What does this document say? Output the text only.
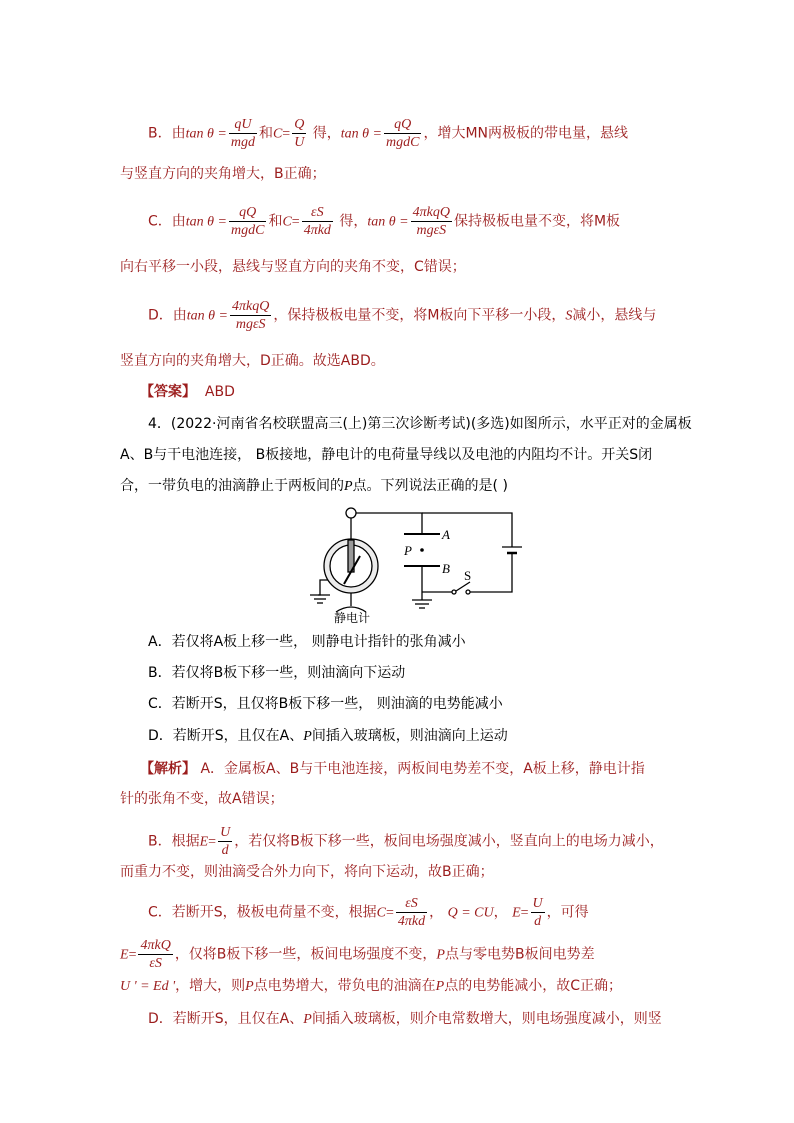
B．由$\tan \theta = \frac{qU}{\text{mgd}}$ 和$C= \frac{Q}{U}$ 得，$\tan \theta = \frac{qQ}{\text{mgdC}}$ ，增大MN两极板的带电量，悬线
与竖直方向的夹角增大，B正确；
C．由$\tan \theta = \frac{qQ}{\text{mgdC}}$ 和$C= \frac{\varepsilon S}{\text{4πkd}}$ 得，$\tan \theta = \frac{\text{4πkqQ}}{\text{mgεS}}$ 保持极板电量不变，将M板
向右平移一小段，悬线与竖直方向的夹角不变，C错误；
D．由$\tan \theta = \frac{\text{4πkqQ}}{\text{mgεS}}$ ，保持极板电量不变，将M板向下平移一小段，S减小，悬线与
竖直方向的夹角增大，D正确。故选ABD。
【答案】 ABD
4．(2022·河南省名校联盟高三(上)第三次诊断考试)(多选)如图所示，水平正对的金属板
A、B与干电池连接， B板接地，静电计的电荷量导线以及电池的内阻均不计。开关S闭
合，一带负电的油滴静止于两板间的P点。下列说法正确的是( )
A
P
B S
静电计
A．若仅将A板上移一些， 则静电计指针的张角减小
B．若仅将B板下移一些，则油滴向下运动
C．若断开S，且仅将B板下移一些， 则油滴的电势能减小
D．若断开S，且仅在A、P间插入玻璃板，则油滴向上运动
【解析】 A．金属板A、B与干电池连接，两板间电势差不变，A板上移，静电计指
针的张角不变，故A错误；
B．根据$E= \frac{U}{d}$ ，若仅将B板下移一些，板间电场强度减小，竖直向上的电场力减小，
而重力不变，则油滴受合外力向下，将向下运动，故B正确；
C．若断开S，极板电荷量不变，根据$C= \frac{\varepsilon S}{\text{4πkd}}$ ， Q = CU， $E= \frac{U}{d}$ ，可得
$E= \frac{\text{4πkQ}}{\varepsilon S}$ ，仅将B板下移一些，板间电场强度不变，P点与零电势B板间电势差
U ' = Ed '，增大，则P点电势增大，带负电的油滴在P点的电势能减小，故C正确；
D．若断开S，且仅在A、P间插入玻璃板，则介电常数增大，则电场强度减小，则竖
